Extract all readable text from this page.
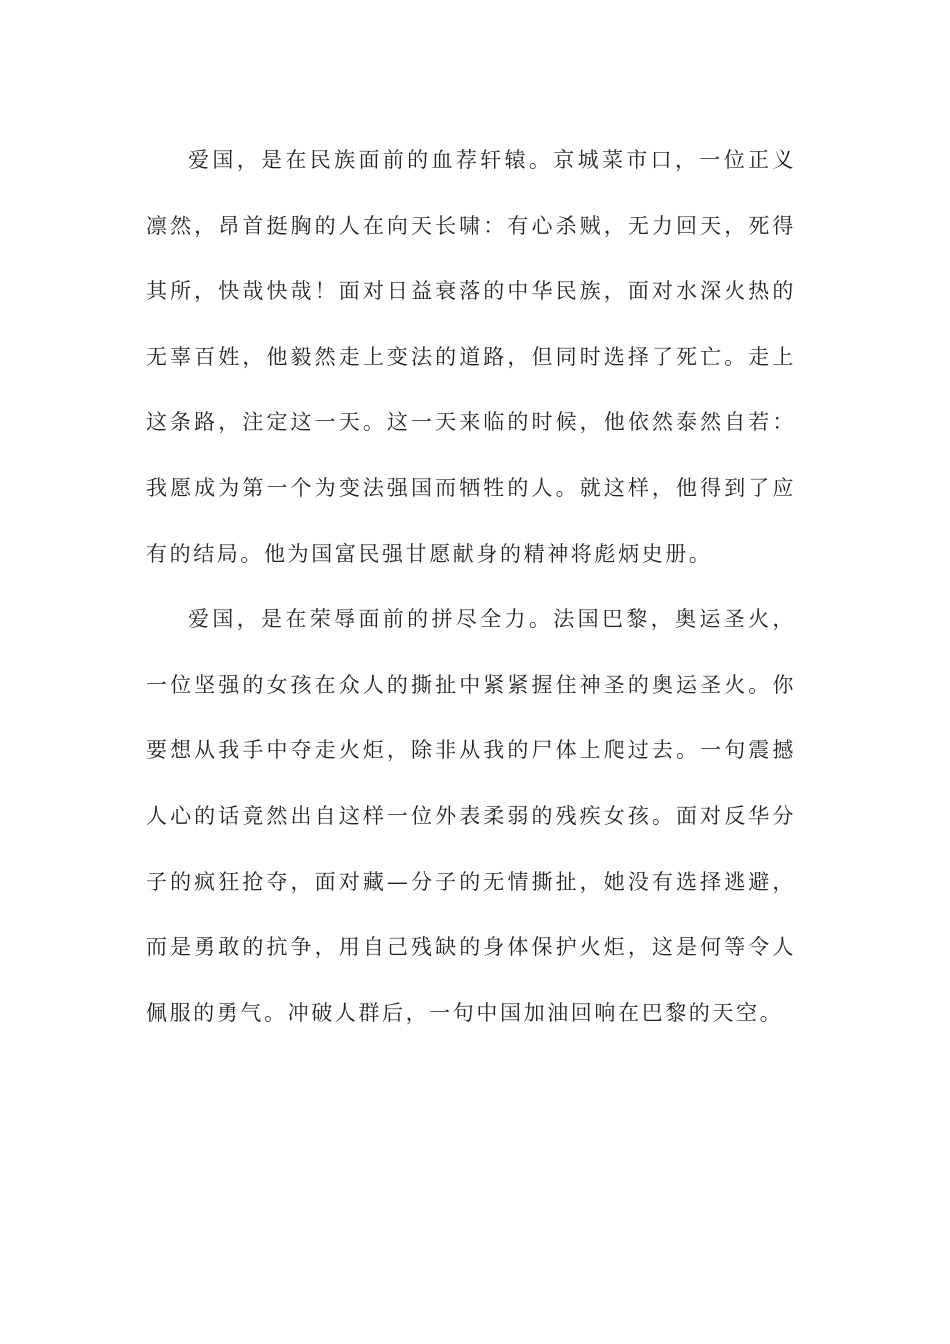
爱国，是在民族面前的血荐轩辕。京城菜市口，一位正义凛然，昂首挺胸的人在向天长啸：有心杀贼，无力回天，死得其所，快哉快哉！面对日益衰落的中华民族，面对水深火热的无辜百姓，他毅然走上变法的道路，但同时选择了死亡。走上这条路，注定这一天。这一天来临的时候，他依然泰然自若：我愿成为第一个为变法强国而牺牲的人。就这样，他得到了应有的结局。他为国富民强甘愿献身的精神将彪炳史册。

爱国，是在荣辱面前的拼尽全力。法国巴黎，奥运圣火，一位坚强的女孩在众人的撕扯中紧紧握住神圣的奥运圣火。你要想从我手中夺走火炬，除非从我的尸体上爬过去。一句震撼人心的话竟然出自这样一位外表柔弱的残疾女孩。面对反华分子的疯狂抢夺，面对藏—分子的无情撕扯，她没有选择逃避，而是勇敢的抗争，用自己残缺的身体保护火炬，这是何等令人佩服的勇气。冲破人群后，一句中国加油回响在巴黎的天空。
